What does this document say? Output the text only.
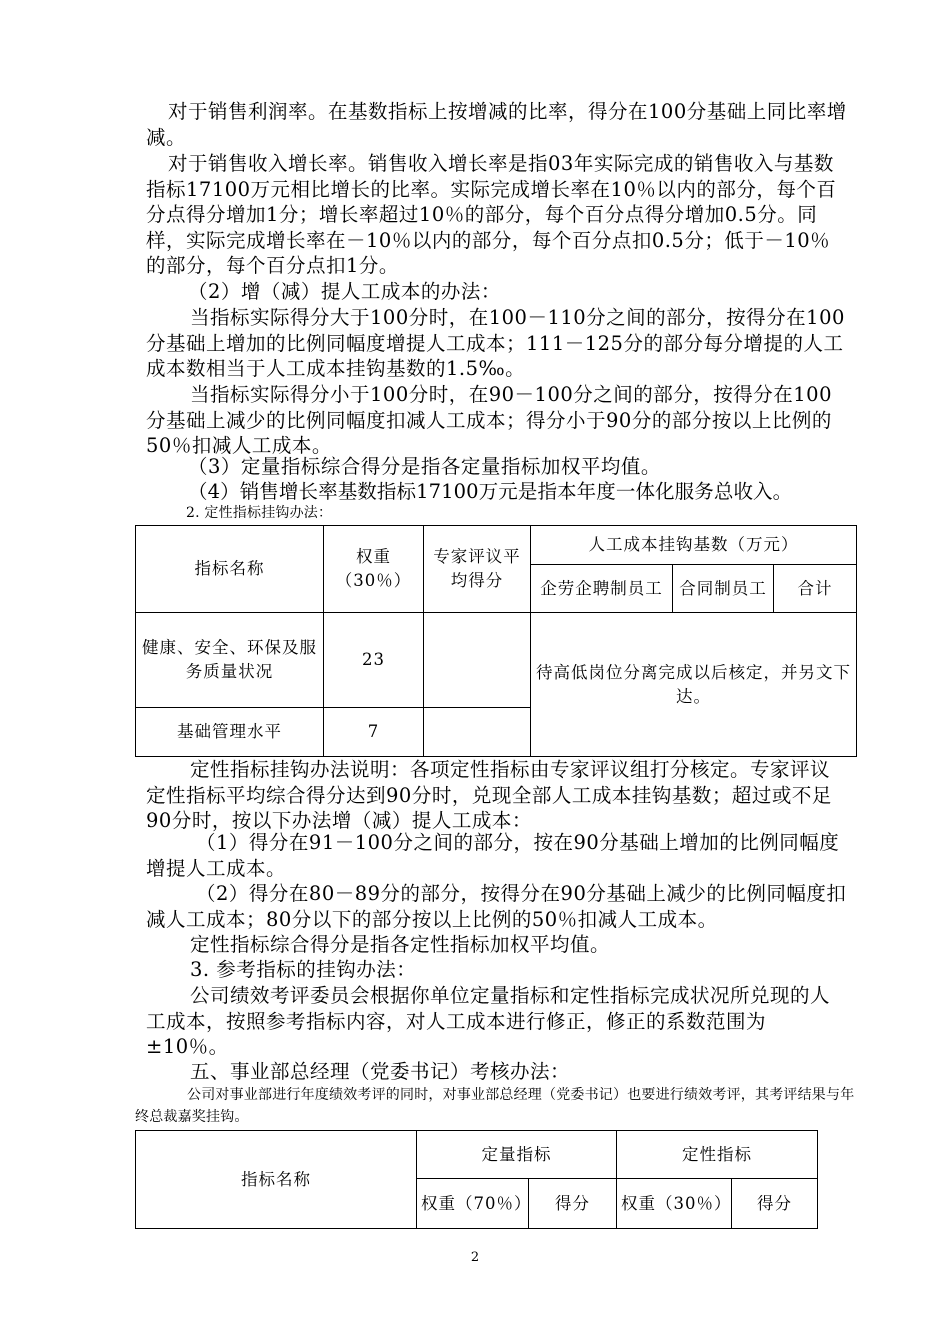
对于销售利润率。在基数指标上按增减的比率，得分在100分基础上同比率增减。

对于销售收入增长率。销售收入增长率是指03年实际完成的销售收入与基数指标17100万元相比增长的比率。实际完成增长率在10％以内的部分，每个百分点得分增加1分；增长率超过10％的部分，每个百分点得分增加0.5分。同样，实际完成增长率在－10％以内的部分，每个百分点扣0.5分；低于－10％的部分，每个百分点扣1分。

（2）增（减）提人工成本的办法：

当指标实际得分大于100分时，在100－110分之间的部分，按得分在100分基础上增加的比例同幅度增提人工成本；111－125分的部分每分增提的人工成本数相当于人工成本挂钩基数的1.5‰。

当指标实际得分小于100分时，在90－100分之间的部分，按得分在100分基础上减少的比例同幅度扣减人工成本；得分小于90分的部分按以上比例的50％扣减人工成本。

（3）定量指标综合得分是指各定量指标加权平均值。

（4）销售增长率基数指标17100万元是指本年度一体化服务总收入。

2. 定性指标挂钩办法：

指标名称	权重（30％）	专家评议平均得分	人工成本挂钩基数（万元）		
			企劳企聘制员工	合同制员工	合计
健康、安全、环保及服务质量状况	23		待高低岗位分离完成以后核定，并另文下达。		
基础管理水平	7				

定性指标挂钩办法说明：各项定性指标由专家评议组打分核定。专家评议定性指标平均综合得分达到90分时，兑现全部人工成本挂钩基数；超过或不足90分时，按以下办法增（减）提人工成本：

（1）得分在91－100分之间的部分，按在90分基础上增加的比例同幅度增提人工成本。

（2）得分在80－89分的部分，按得分在90分基础上减少的比例同幅度扣减人工成本；80分以下的部分按以上比例的50％扣减人工成本。

定性指标综合得分是指各定性指标加权平均值。

3. 参考指标的挂钩办法：

公司绩效考评委员会根据你单位定量指标和定性指标完成状况所兑现的人工成本，按照参考指标内容，对人工成本进行修正，修正的系数范围为±10％。

五、事业部总经理（党委书记）考核办法：

公司对事业部进行年度绩效考评的同时，对事业部总经理（党委书记）也要进行绩效考评，其考评结果与年终总裁嘉奖挂钩。

指标名称	定量指标		定性指标	
	权重（70％）	得分	权重（30％）	得分
2
